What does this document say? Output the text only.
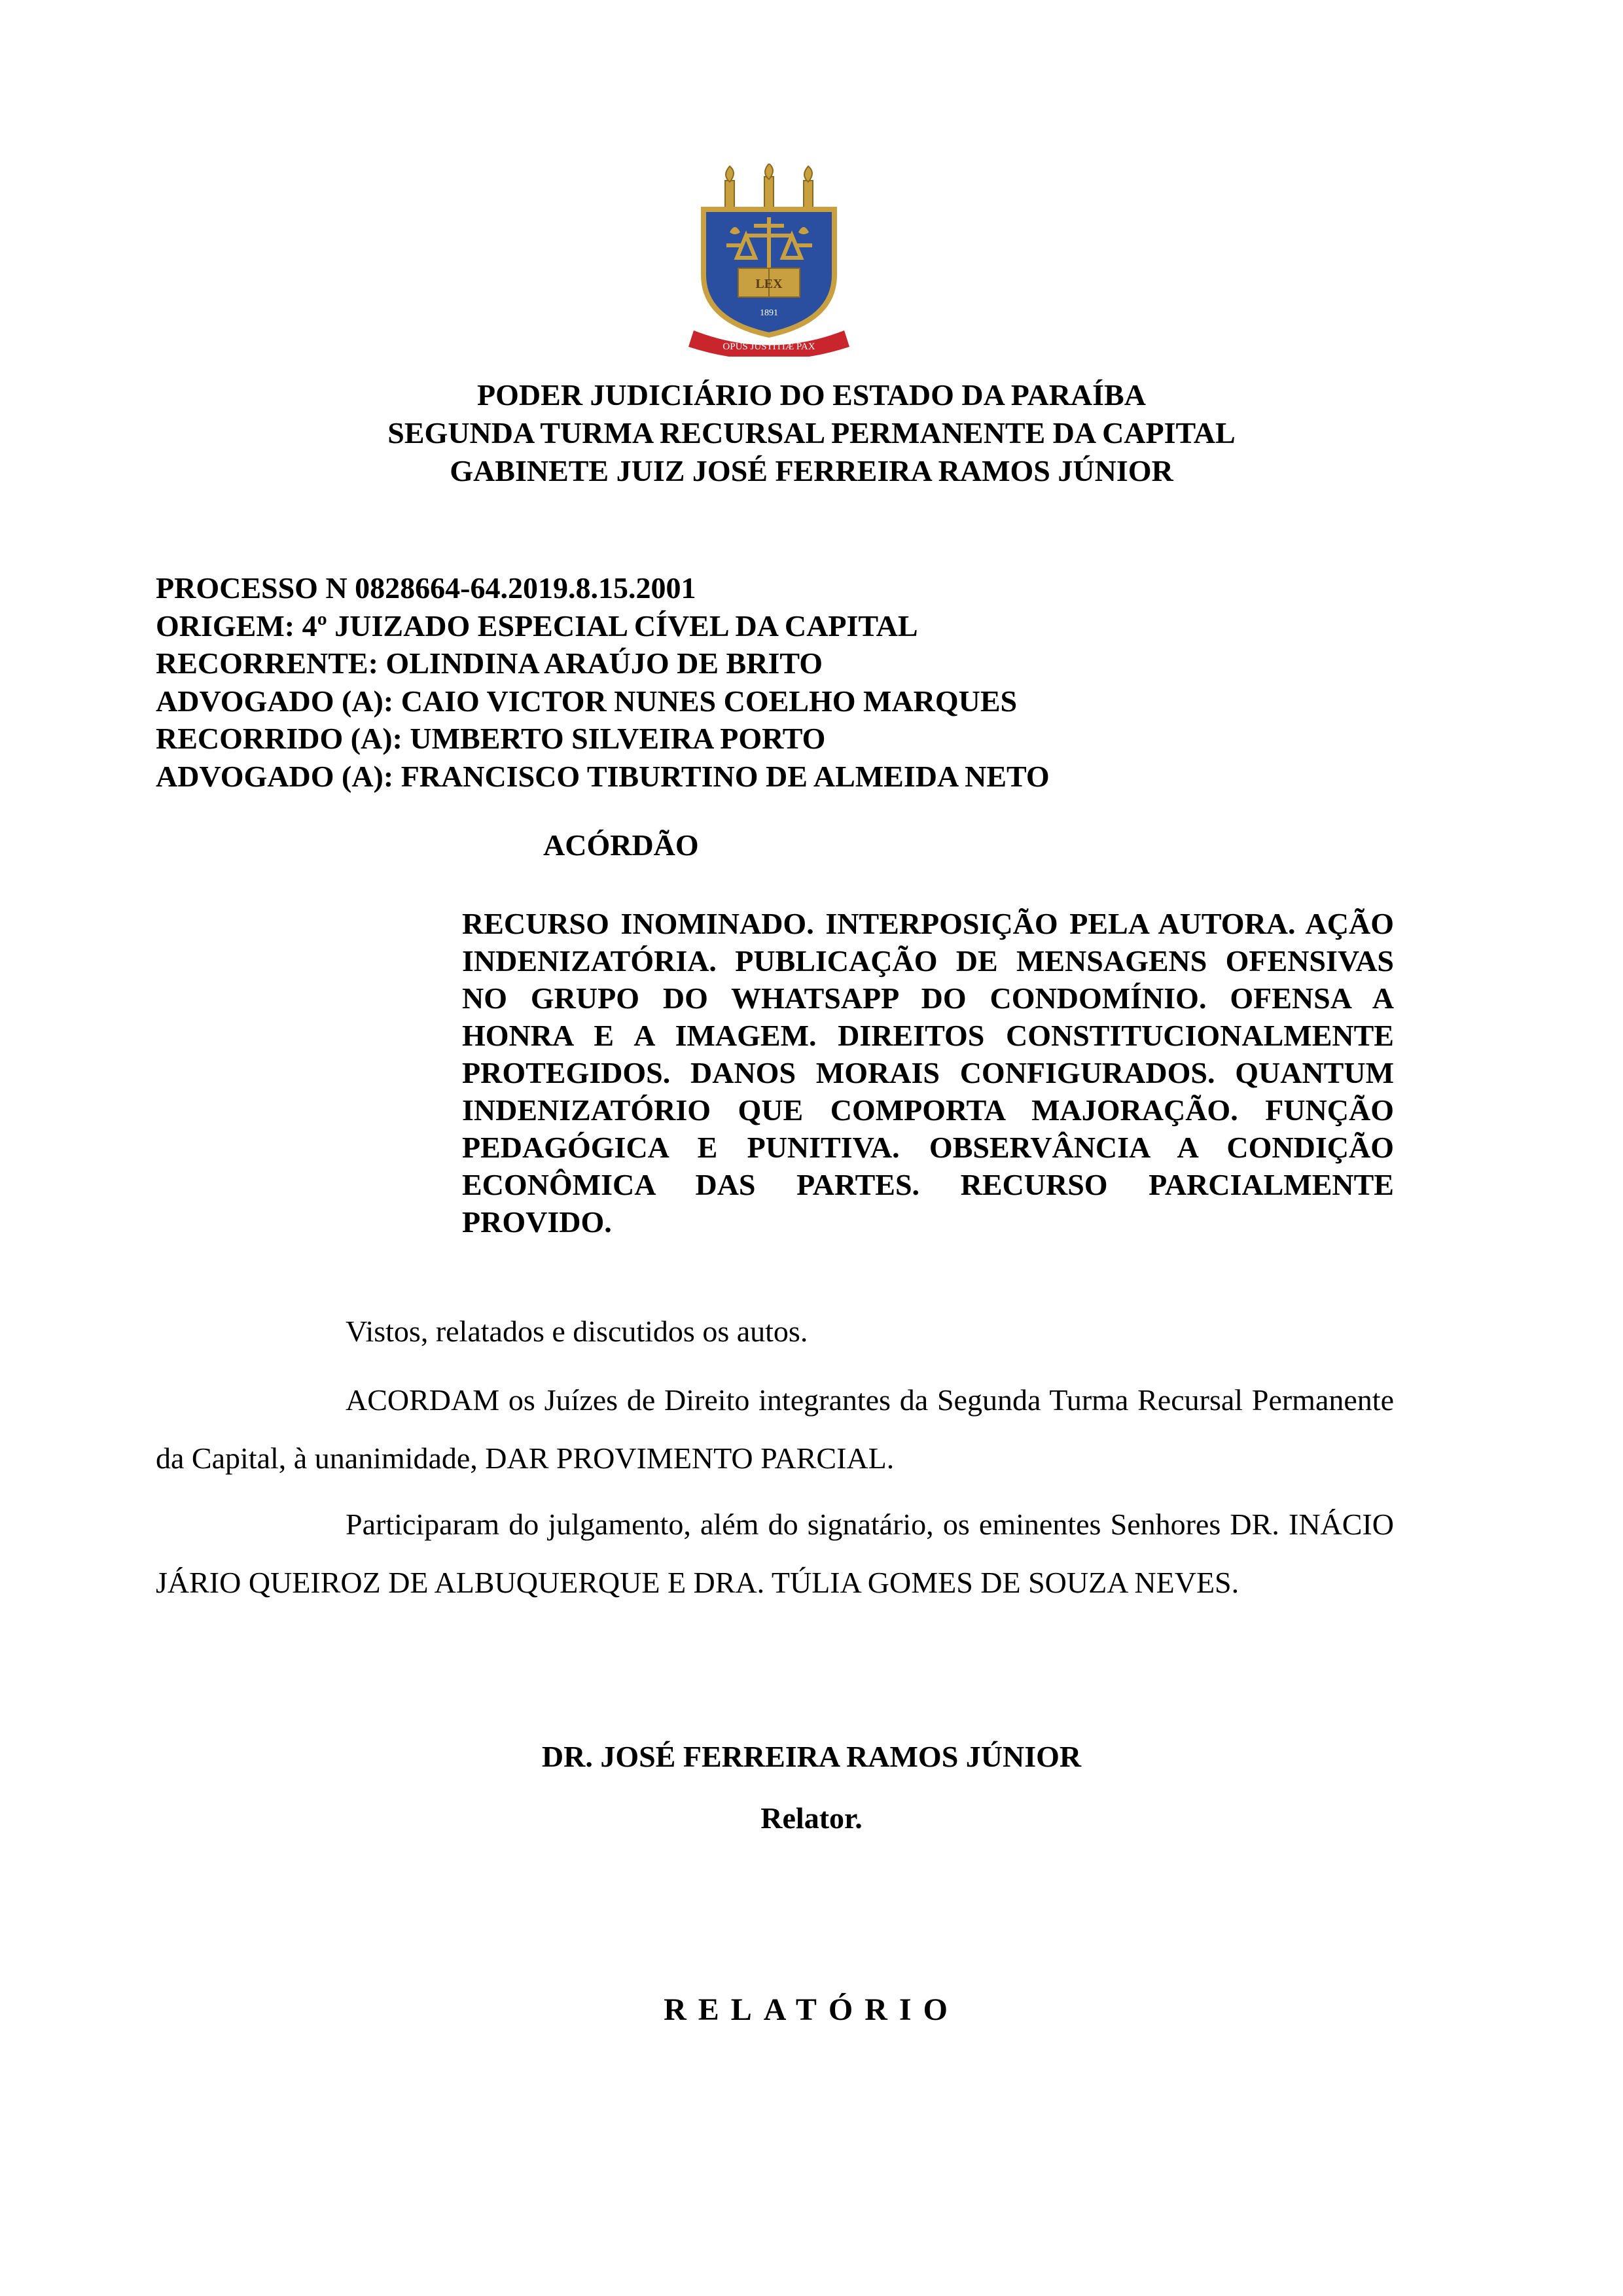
LEX
1891
OPUS JUSTITIÆ PAX
PODER JUDICIÁRIO DO ESTADO DA PARAÍBA
SEGUNDA TURMA RECURSAL PERMANENTE DA CAPITAL
GABINETE JUIZ JOSÉ FERREIRA RAMOS JÚNIOR
PROCESSO N 0828664-64.2019.8.15.2001
ORIGEM: 4º JUIZADO ESPECIAL CÍVEL DA CAPITAL
RECORRENTE: OLINDINA ARAÚJO DE BRITO
ADVOGADO (A): CAIO VICTOR NUNES COELHO MARQUES
RECORRIDO (A): UMBERTO SILVEIRA PORTO
ADVOGADO (A): FRANCISCO TIBURTINO DE ALMEIDA NETO
ACÓRDÃO
RECURSO INOMINADO. INTERPOSIÇÃO PELA AUTORA. AÇÃO INDENIZATÓRIA. PUBLICAÇÃO DE MENSAGENS OFENSIVAS NO GRUPO DO WHATSAPP DO CONDOMÍNIO. OFENSA A HONRA E A IMAGEM. DIREITOS CONSTITUCIONALMENTE PROTEGIDOS. DANOS MORAIS CONFIGURADOS. QUANTUM INDENIZATÓRIO QUE COMPORTA MAJORAÇÃO. FUNÇÃO PEDAGÓGICA E PUNITIVA. OBSERVÂNCIA A CONDIÇÃO ECONÔMICA DAS PARTES. RECURSO PARCIALMENTE PROVIDO.

Vistos, relatados e discutidos os autos.

ACORDAM os Juízes de Direito integrantes da Segunda Turma Recursal Permanente da Capital, à unanimidade, DAR PROVIMENTO PARCIAL.

Participaram do julgamento, além do signatário, os eminentes Senhores DR. INÁCIO JÁRIO QUEIROZ DE ALBUQUERQUE E DRA. TÚLIA GOMES DE SOUZA NEVES.

DR. JOSÉ FERREIRA RAMOS JÚNIOR
Relator.
RELATÓRIO
